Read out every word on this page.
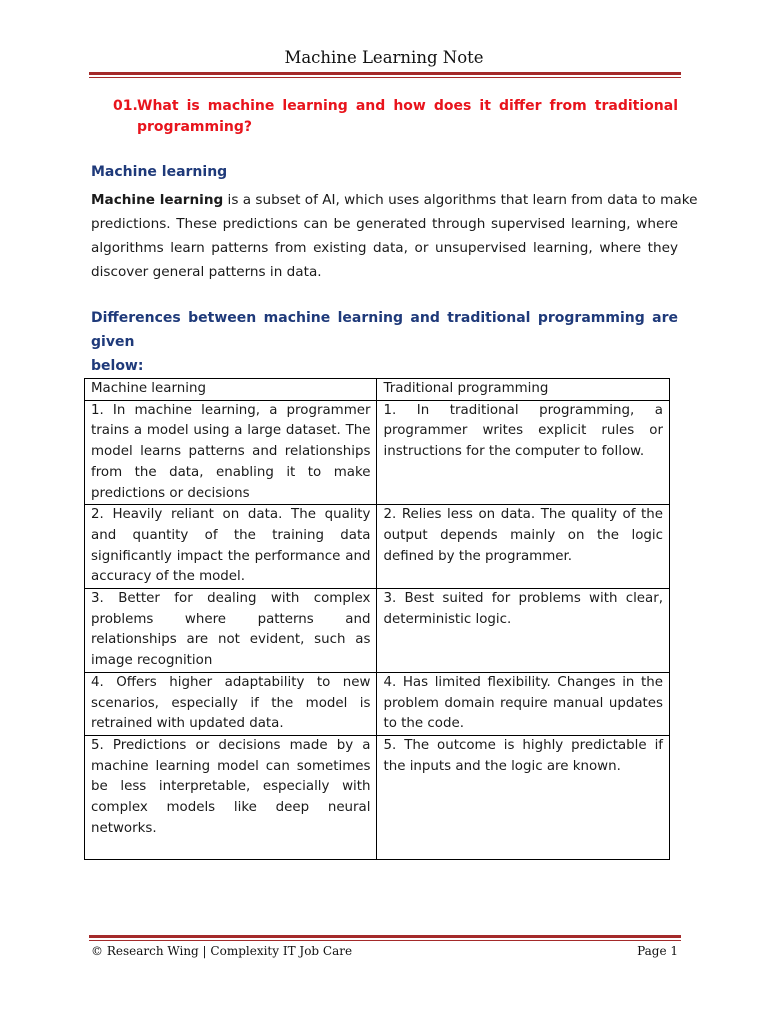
Machine Learning Note
01. What is machine learning and how does it differ from traditional
programming?
Machine learning
Machine learning is a subset of AI, which uses algorithms that learn from data to make
predictions. These predictions can be generated through supervised learning, where
algorithms learn patterns from existing data, or unsupervised learning, where they
discover general patterns in data.
Differences between machine learning and traditional programming are given
below:
Machine learning	Traditional programming
1. In machine learning, a programmer trains a model using a large dataset. The model learns patterns and relationships from the data, enabling it to make predictions or decisions	1. In traditional programming, a programmer writes explicit rules or instructions for the computer to follow.
2. Heavily reliant on data. The quality and quantity of the training data significantly impact the performance and accuracy of the model.	2. Relies less on data. The quality of the output depends mainly on the logic defined by the programmer.
3. Better for dealing with complex problems where patterns and relationships are not evident, such as image recognition	3. Best suited for problems with clear, deterministic logic.
4. Offers higher adaptability to new scenarios, especially if the model is retrained with updated data.	4. Has limited flexibility. Changes in the problem domain require manual updates to the code.
5. Predictions or decisions made by a machine learning model can sometimes be less interpretable, especially with complex models like deep neural networks.	5. The outcome is highly predictable if the inputs and the logic are known.
© Research Wing | Complexity IT Job Care	Page 1
